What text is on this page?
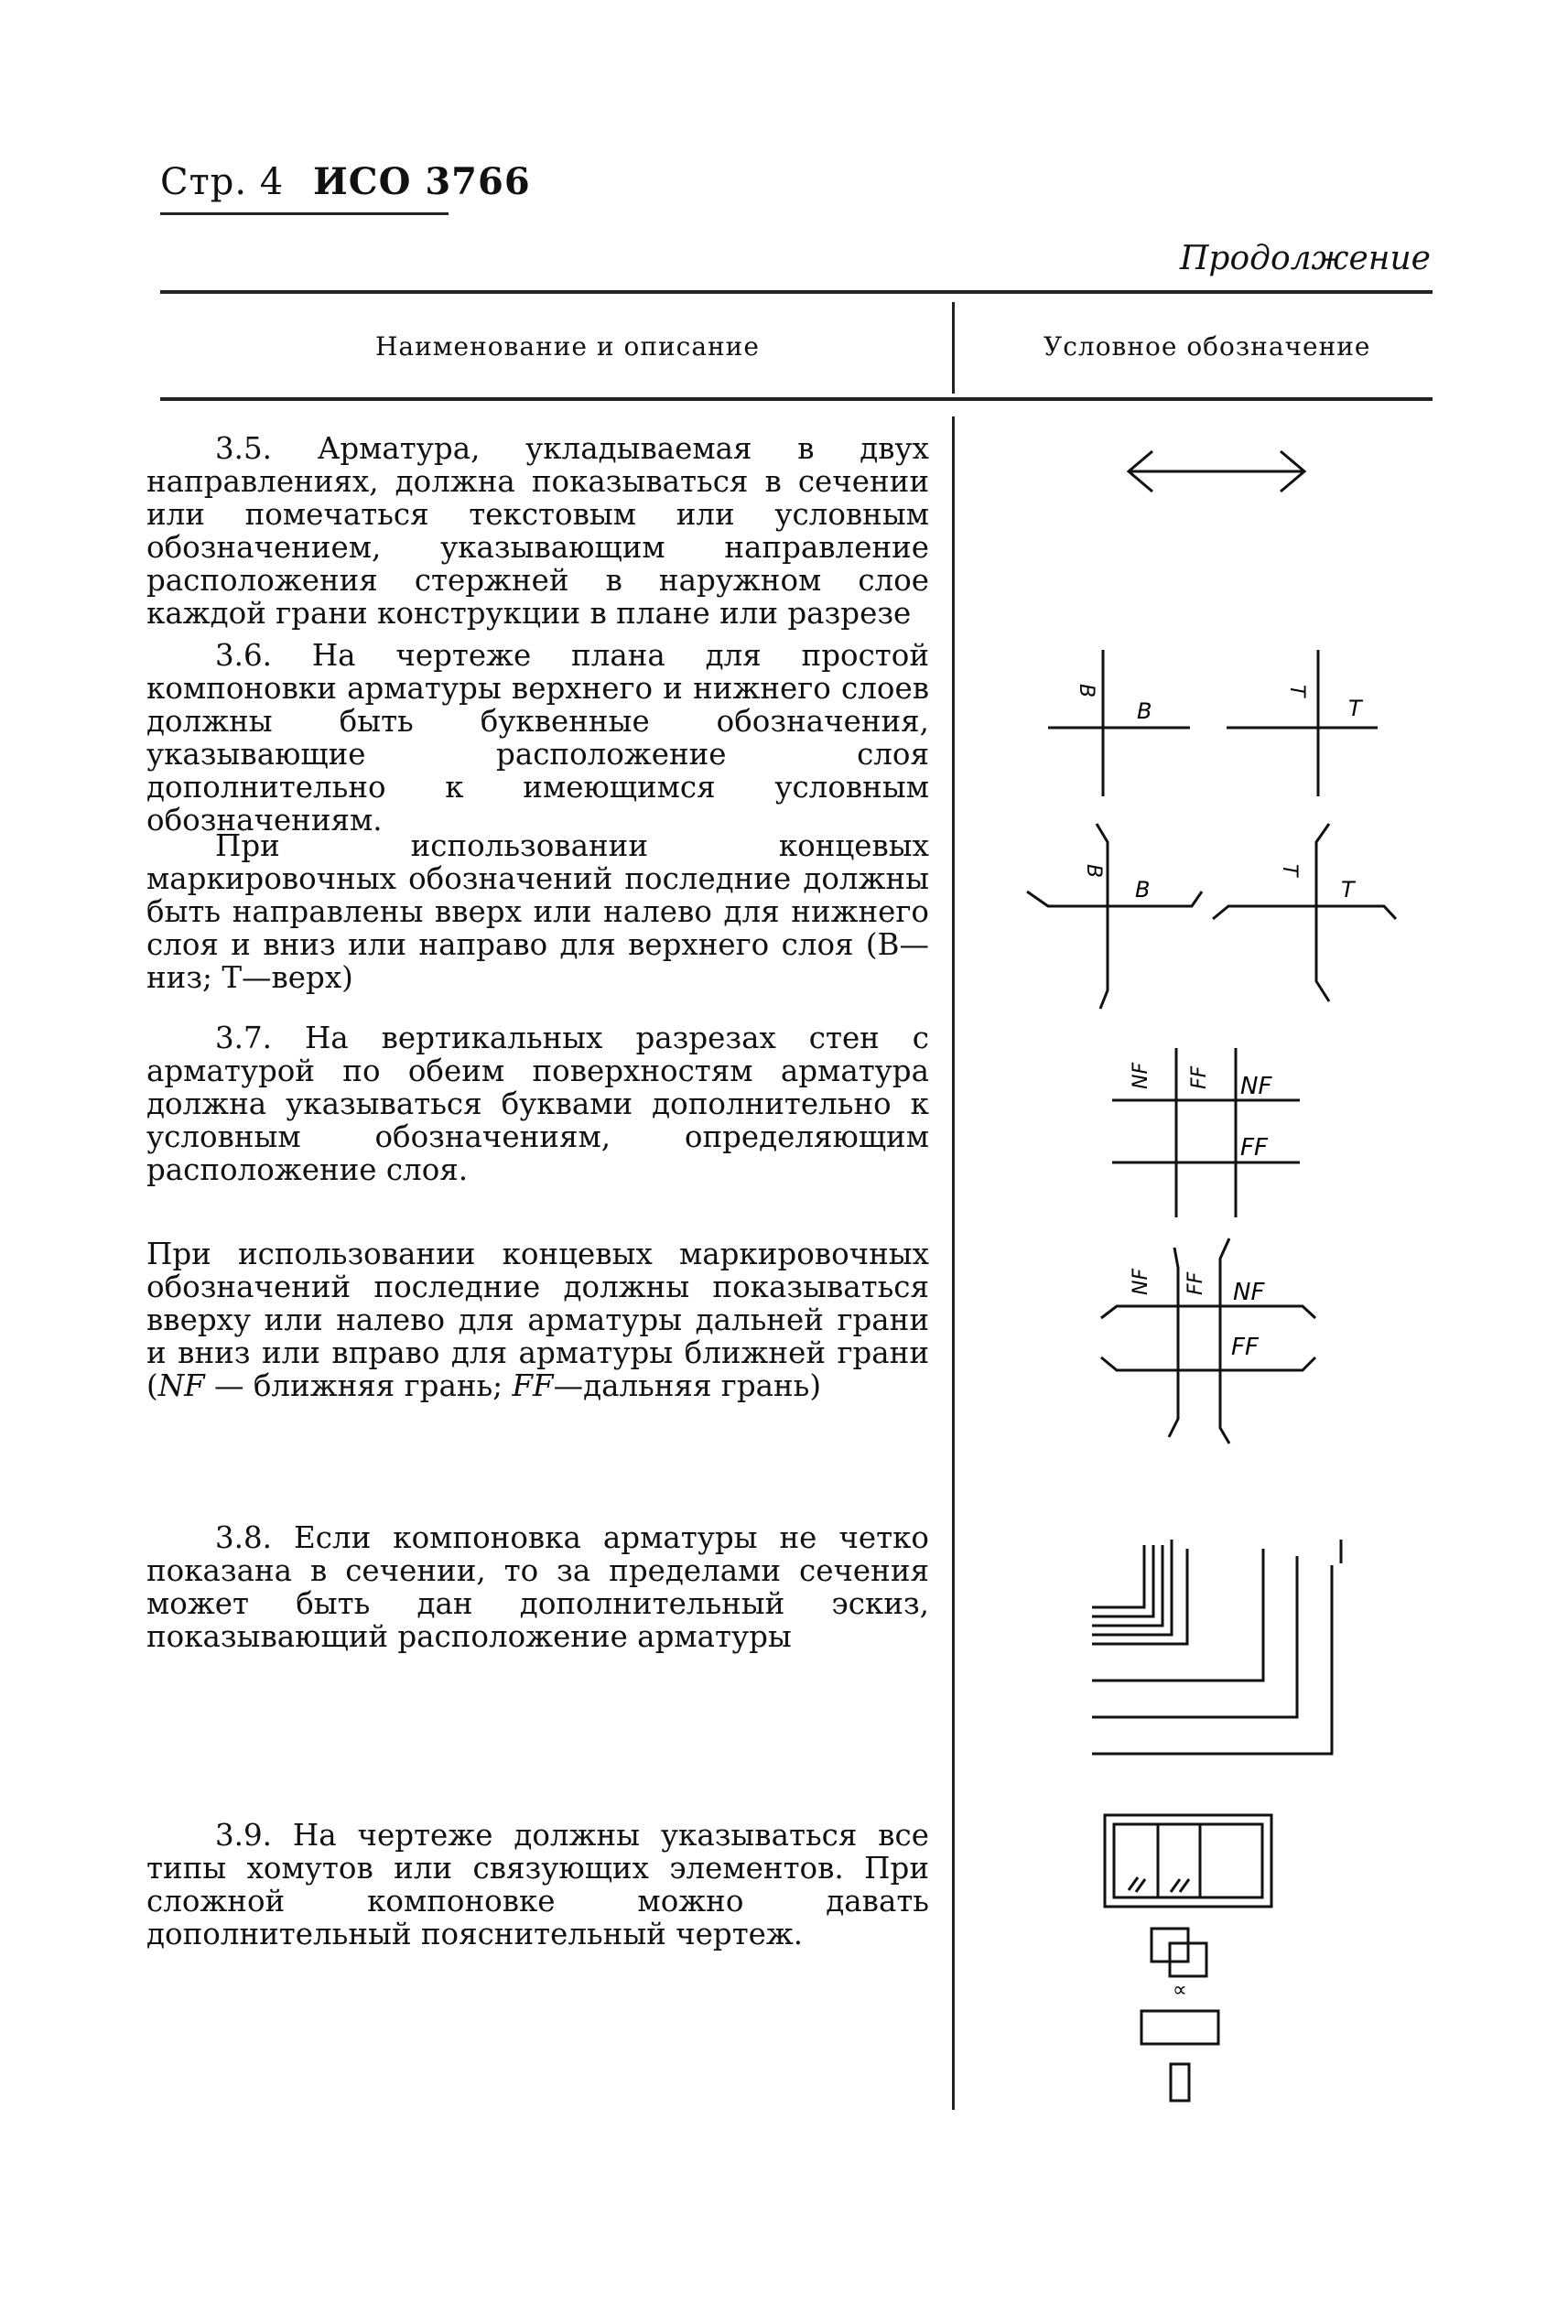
Стр. 4 ИСО 3766
Продолжение
Наименование и описание	Условное обозначение
3.5. Арматура, укладываемая в двух направлениях, должна показываться в сечении или помечаться текстовым или условным обозначением, указывающим направление расположения стержней в наружном слое каждой грани конструкции в плане или разрезе
3.6. На чертеже плана для простой компоновки арматуры верхнего и нижнего слоев должны быть буквенные обозначения, указывающие расположение слоя дополнительно к имеющимся условным обозначениям.
При использовании концевых маркировочных обозначений последние должны быть направлены вверх или налево для нижнего слоя и вниз или направо для верхнего слоя (В—низ; Т—верх)
3.7. На вертикальных разрезах стен с арматурой по обеим поверхностям арматура должна указываться буквами дополнительно к условным обозначениям, определяющим расположение слоя.
При использовании концевых маркировочных обозначений последние должны показываться вверху или налево для арматуры дальней грани и вниз или вправо для арматуры ближней грани (NF — ближняя грань; FF—дальняя грань)
3.8. Если компоновка арматуры не четко показана в сечении, то за пределами сечения может быть дан дополнительный эскиз, показывающий расположение арматуры
3.9. На чертеже должны указываться все типы хомутов или связующих элементов. При сложной компоновке можно давать дополнительный пояснительный чертеж.
B
B
T
T
B
B
T
T
NF FF NF
FF
NF FF NF
FF
∝
